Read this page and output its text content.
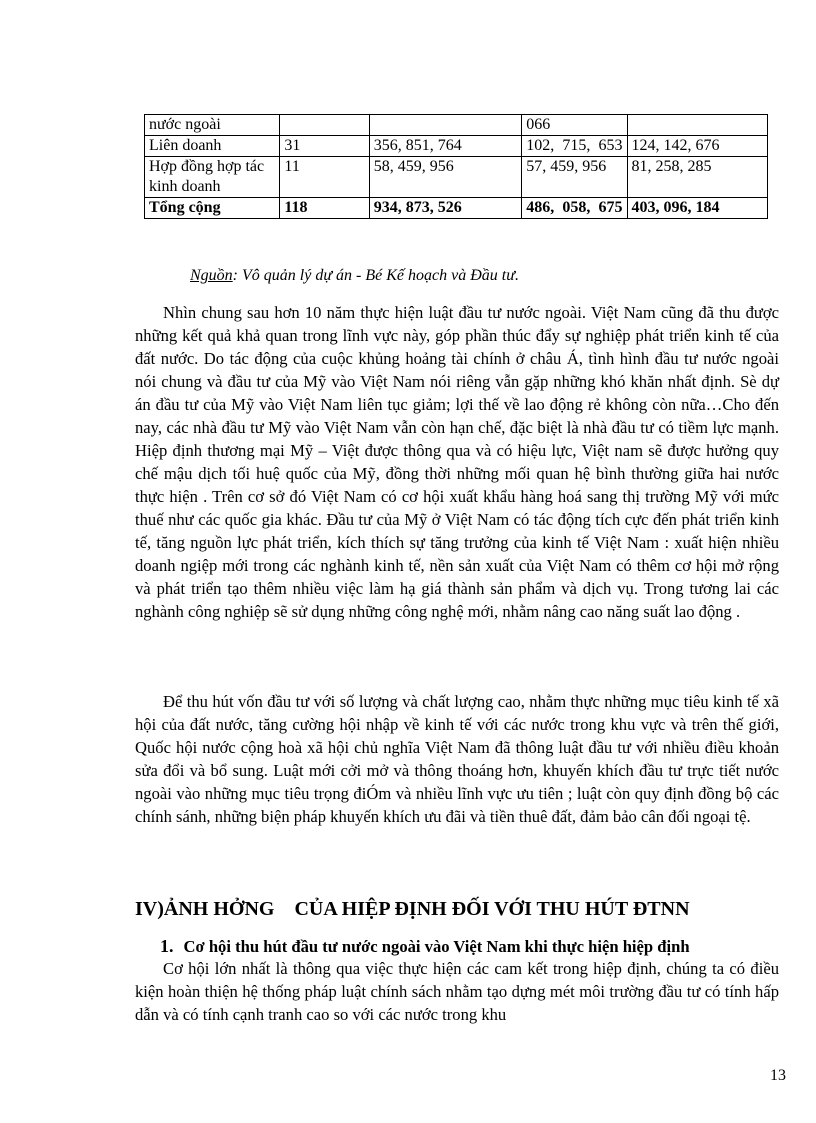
nước ngoài			066	
Liên doanh	31	356, 851, 764	102, 715, 653	124, 142, 676
Hợp đồng hợp tác kinh doanh	11	58, 459, 956	57, 459, 956	81, 258, 285
Tổng cộng	118	934, 873, 526	486, 058, 675	403, 096, 184
Nguồn: Vô quản lý dự án - Bé Kế hoạch và Đầu tư.

Nhìn chung sau hơn 10 năm thực hiện luật đầu tư nước ngoài. Việt Nam cũng đã thu được những kết quả khả quan trong lĩnh vực này, góp phần thúc đẩy sự nghiệp phát triển kinh tế của đất nước. Do tác động của cuộc khủng hoảng tài chính ở châu Á, tình hình đầu tư nước ngoài nói chung và đầu tư của Mỹ vào Việt Nam nói riêng vẫn gặp những khó khăn nhất định. Sè dự án đầu tư của Mỹ vào Việt Nam liên tục giảm; lợi thế về lao động rẻ không còn nữa…Cho đến nay, các nhà đầu tư Mỹ vào Việt Nam vẫn còn hạn chế, đặc biệt là nhà đầu tư có tiềm lực mạnh. Hiệp định thương mại Mỹ – Việt được thông qua và có hiệu lực, Việt nam sẽ được hưởng quy chế mậu dịch tối huệ quốc của Mỹ, đồng thời những mối quan hệ bình thường giữa hai nước thực hiện . Trên cơ sở đó Việt Nam có cơ hội xuất khẩu hàng hoá sang thị trường Mỹ với mức thuế như các quốc gia khác. Đầu tư của Mỹ ở Việt Nam có tác động tích cực đến phát triển kinh tế, tăng nguồn lực phát triển, kích thích sự tăng trưởng của kinh tế Việt Nam : xuất hiện nhiều doanh ngiệp mới trong các nghành kinh tế, nền sản xuất của Việt Nam có thêm cơ hội mở rộng và phát triển tạo thêm nhiều việc làm hạ giá thành sản phẩm và dịch vụ. Trong tương lai các nghành công nghiệp sẽ sử dụng những công nghệ mới, nhằm nâng cao năng suất lao động .

Để thu hút vốn đầu tư với số lượng và chất lượng cao, nhằm thực những mục tiêu kinh tế xã hội của đất nước, tăng cường hội nhập về kinh tế với các nước trong khu vực và trên thế giới, Quốc hội nước cộng hoà xã hội chủ nghĩa Việt Nam đã thông luật đầu tư với nhiều điều khoản sửa đổi và bổ sung. Luật mới cởi mở và thông thoáng hơn, khuyến khích đầu tư trực tiết nước ngoài vào những mục tiêu trọng điÓm và nhiều lĩnh vực ưu tiên ; luật còn quy định đồng bộ các chính sánh, những biện pháp khuyến khích ưu đãi và tiền thuê đất, đảm bảo cân đối ngoại tệ.

IV)ẢNH HỞNG    CỦA HIỆP ĐỊNH ĐỐI VỚI THU HÚT ĐTNN
1. Cơ hội thu hút đầu tư nước ngoài vào Việt Nam khi thực hiện hiệp định

Cơ hội lớn nhất là thông qua việc thực hiện các cam kết trong hiệp định, chúng ta có điều kiện hoàn thiện hệ thống pháp luật chính sách nhằm tạo dựng mét môi trường đầu tư có tính hấp dẫn và có tính cạnh tranh cao so với các nước trong khu

13
